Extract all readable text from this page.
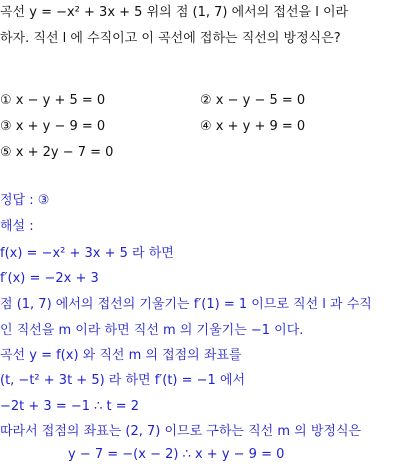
곡선 y = −x² + 3x + 5 위의 점 (1, 7) 에서의 접선을 l 이라
하자. 직선 l 에 수직이고 이 곡선에 접하는 직선의 방정식은?
① x − y + 5 = 0	② x − y − 5 = 0
③ x + y − 9 = 0	④ x + y + 9 = 0
⑤ x + 2y − 7 = 0
정답 : ③
해설 :
f(x) = −x² + 3x + 5 라 하면
f′(x) = −2x + 3
점 (1, 7) 에서의 접선의 기울기는 f′(1) = 1 이므로 직선 l 과 수직
인 직선을 m 이라 하면 직선 m 의 기울기는 −1 이다.
곡선 y = f(x) 와 직선 m 의 접점의 좌표를
(t, −t² + 3t + 5) 라 하면 f′(t) = −1 에서
−2t + 3 = −1 ∴ t = 2
따라서 접점의 좌표는 (2, 7) 이므로 구하는 직선 m 의 방정식은
y − 7 = −(x − 2) ∴ x + y − 9 = 0
